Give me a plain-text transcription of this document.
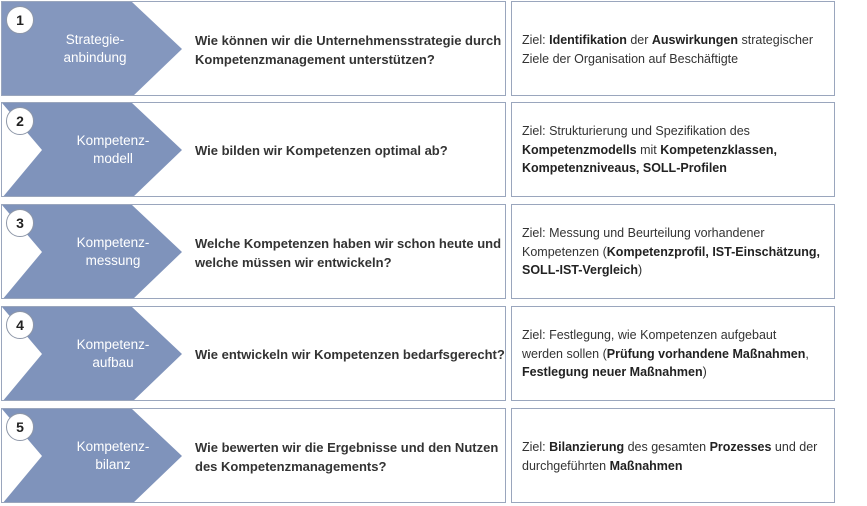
Strategie-
anbindung
1
Wie können wir die Unternehmensstrategie durch
Kompetenzmanagement unterstützen?
Ziel: Identifikation der Auswirkungen strategischer
Ziele der Organisation auf Beschäftigte
Kompetenz-
modell
2
Wie bilden wir Kompetenzen optimal ab?
Ziel: Strukturierung und Spezifikation des
Kompetenzmodells mit Kompetenzklassen,
Kompetenzniveaus, SOLL-Profilen
Kompetenz-
messung
3
Welche Kompetenzen haben wir schon heute und
welche müssen wir entwickeln?
Ziel: Messung und Beurteilung vorhandener
Kompetenzen (Kompetenzprofil, IST-Einschätzung,
SOLL-IST-Vergleich)
Kompetenz-
aufbau
4
Wie entwickeln wir Kompetenzen bedarfsgerecht?
Ziel: Festlegung, wie Kompetenzen aufgebaut
werden sollen (Prüfung vorhandene Maßnahmen,
Festlegung neuer Maßnahmen)
Kompetenz-
bilanz
5
Wie bewerten wir die Ergebnisse und den Nutzen
des Kompetenzmanagements?
Ziel: Bilanzierung des gesamten Prozesses und der
durchgeführten Maßnahmen
